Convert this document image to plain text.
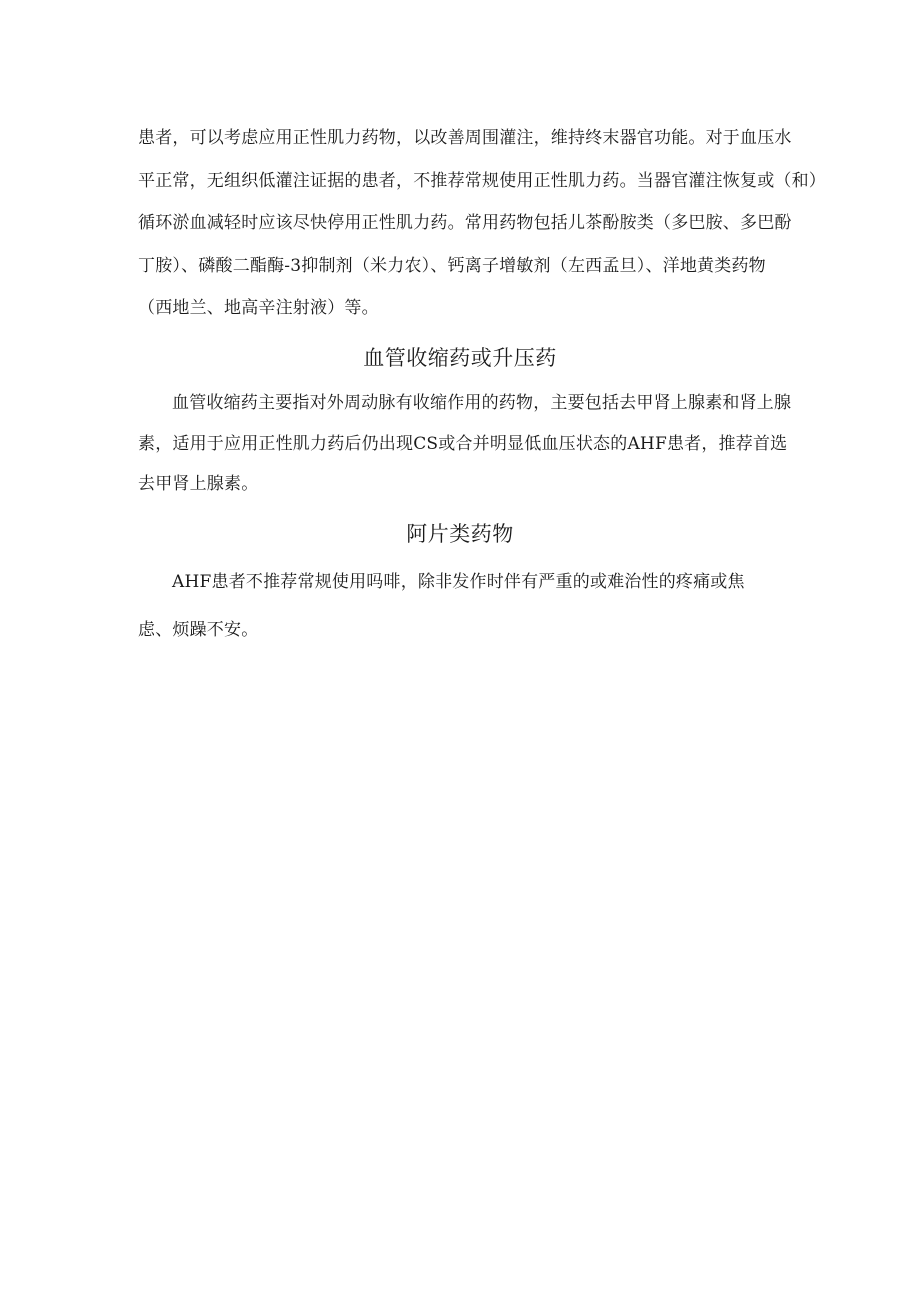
患者，可以考虑应用正性肌力药物，以改善周围灌注，维持终末器官功能。对于血压水
平正常，无组织低灌注证据的患者，不推荐常规使用正性肌力药。当器官灌注恢复或（和）
循环淤血减轻时应该尽快停用正性肌力药。常用药物包括儿茶酚胺类（多巴胺、多巴酚
丁胺）、磷酸二酯酶-3抑制剂（米力农）、钙离子增敏剂（左西孟旦）、洋地黄类药物
（西地兰、地高辛注射液）等。
血管收缩药或升压药
血管收缩药主要指对外周动脉有收缩作用的药物，主要包括去甲肾上腺素和肾上腺
素，适用于应用正性肌力药后仍出现CS或合并明显低血压状态的AHF患者，推荐首选
去甲肾上腺素。
阿片类药物
AHF患者不推荐常规使用吗啡，除非发作时伴有严重的或难治性的疼痛或焦
虑、烦躁不安。
